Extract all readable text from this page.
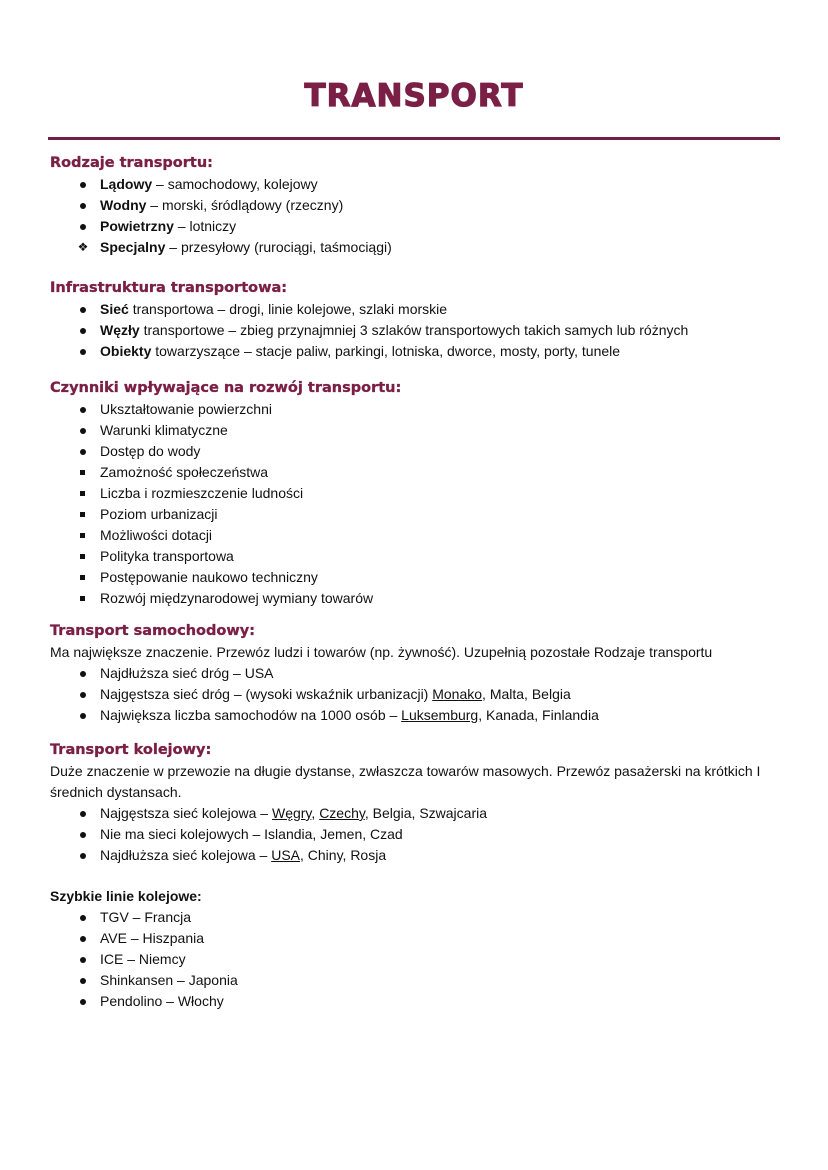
TRANSPORT
Rodzaje transportu:
Lądowy – samochodowy, kolejowy
Wodny – morski, śródlądowy (rzeczny)
Powietrzny – lotniczy
❖ Specjalny – przesyłowy (rurociągi, taśmociągi)
Infrastruktura transportowa:
Sieć transportowa – drogi, linie kolejowe, szlaki morskie
Węzły transportowe – zbieg przynajmniej 3 szlaków transportowych takich samych lub różnych
Obiekty towarzyszące – stacje paliw, parkingi, lotniska, dworce, mosty, porty, tunele
Czynniki wpływające na rozwój transportu:
Ukształtowanie powierzchni
Warunki klimatyczne
Dostęp do wody
Zamożność społeczeństwa
Liczba i rozmieszczenie ludności
Poziom urbanizacji
Możliwości dotacji
Polityka transportowa
Postępowanie naukowo techniczny
Rozwój międzynarodowej wymiany towarów
Transport samochodowy:
Ma największe znaczenie. Przewóz ludzi i towarów (np. żywność). Uzupełnią pozostałe Rodzaje transportu
Najdłuższa sieć dróg – USA
Najgęstsza sieć dróg – (wysoki wskaźnik urbanizacji) Monako, Malta, Belgia
Największa liczba samochodów na 1000 osób – Luksemburg, Kanada, Finlandia
Transport kolejowy:
Duże znaczenie w przewozie na długie dystanse, zwłaszcza towarów masowych. Przewóz pasażerski na krótkich I średnich dystansach.
Najgęstsza sieć kolejowa – Węgry, Czechy, Belgia, Szwajcaria
Nie ma sieci kolejowych – Islandia, Jemen, Czad
Najdłuższa sieć kolejowa – USA, Chiny, Rosja
Szybkie linie kolejowe:
TGV – Francja
AVE – Hiszpania
ICE – Niemcy
Shinkansen – Japonia
Pendolino – Włochy
